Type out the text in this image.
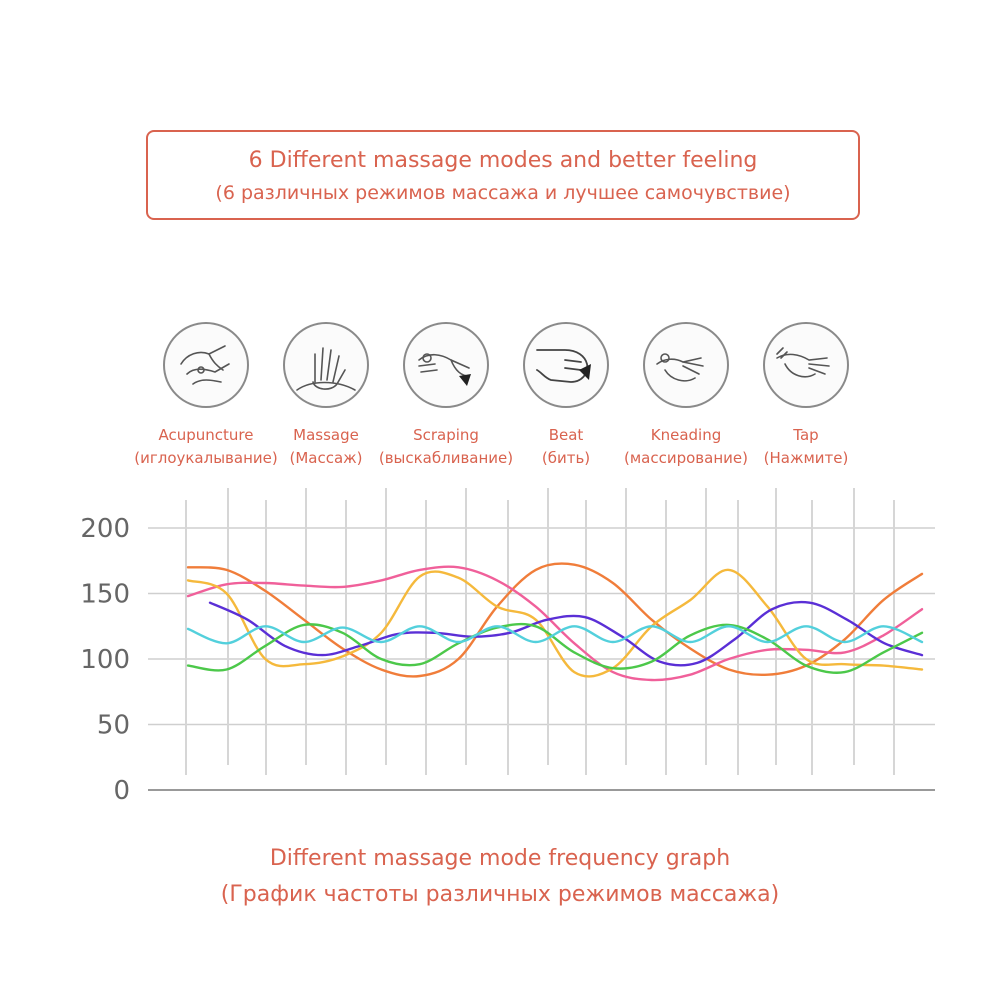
6 Different massage modes and better feeling
(6 различных режимов массажа и лучшее самочувствие)
Acupuncture
(иглоукалывание)
Massage
(Массаж)
Scraping
(выскабливание)
Beat
(бить)
Kneading
(массирование)
Tap
(Нажмите)
0
50
100
150
200
Different massage mode frequency graph
(График частоты различных режимов массажа)
